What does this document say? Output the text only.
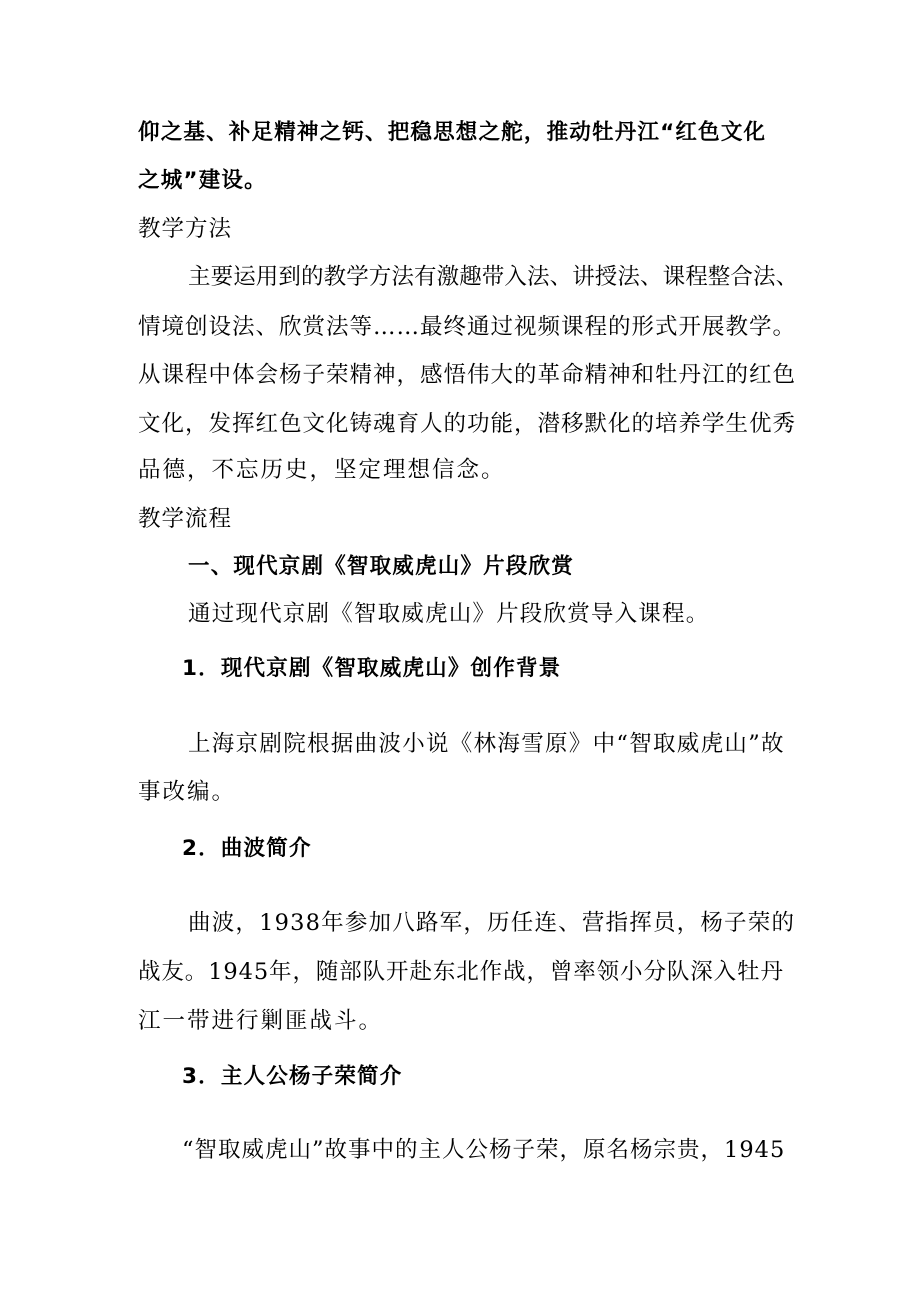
仰之基、补足精神之钙、把稳思想之舵，推动牡丹江“红色文化
之城”建设。
教学方法
主要运用到的教学方法有激趣带入法、讲授法、课程整合法、
情境创设法、欣赏法等……最终通过视频课程的形式开展教学。
从课程中体会杨子荣精神，感悟伟大的革命精神和牡丹江的红色
文化，发挥红色文化铸魂育人的功能，潜移默化的培养学生优秀
品德，不忘历史，坚定理想信念。
教学流程
一、现代京剧《智取威虎山》片段欣赏
通过现代京剧《智取威虎山》片段欣赏导入课程。
1．现代京剧《智取威虎山》创作背景
上海京剧院根据曲波小说《林海雪原》中“智取威虎山”故
事改编。
2．曲波简介
曲波，1938年参加八路军，历任连、营指挥员，杨子荣的
战友。1945年，随部队开赴东北作战，曾率领小分队深入牡丹
江一带进行剿匪战斗。
3．主人公杨子荣简介
“智取威虎山”故事中的主人公杨子荣，原名杨宗贵，1945
